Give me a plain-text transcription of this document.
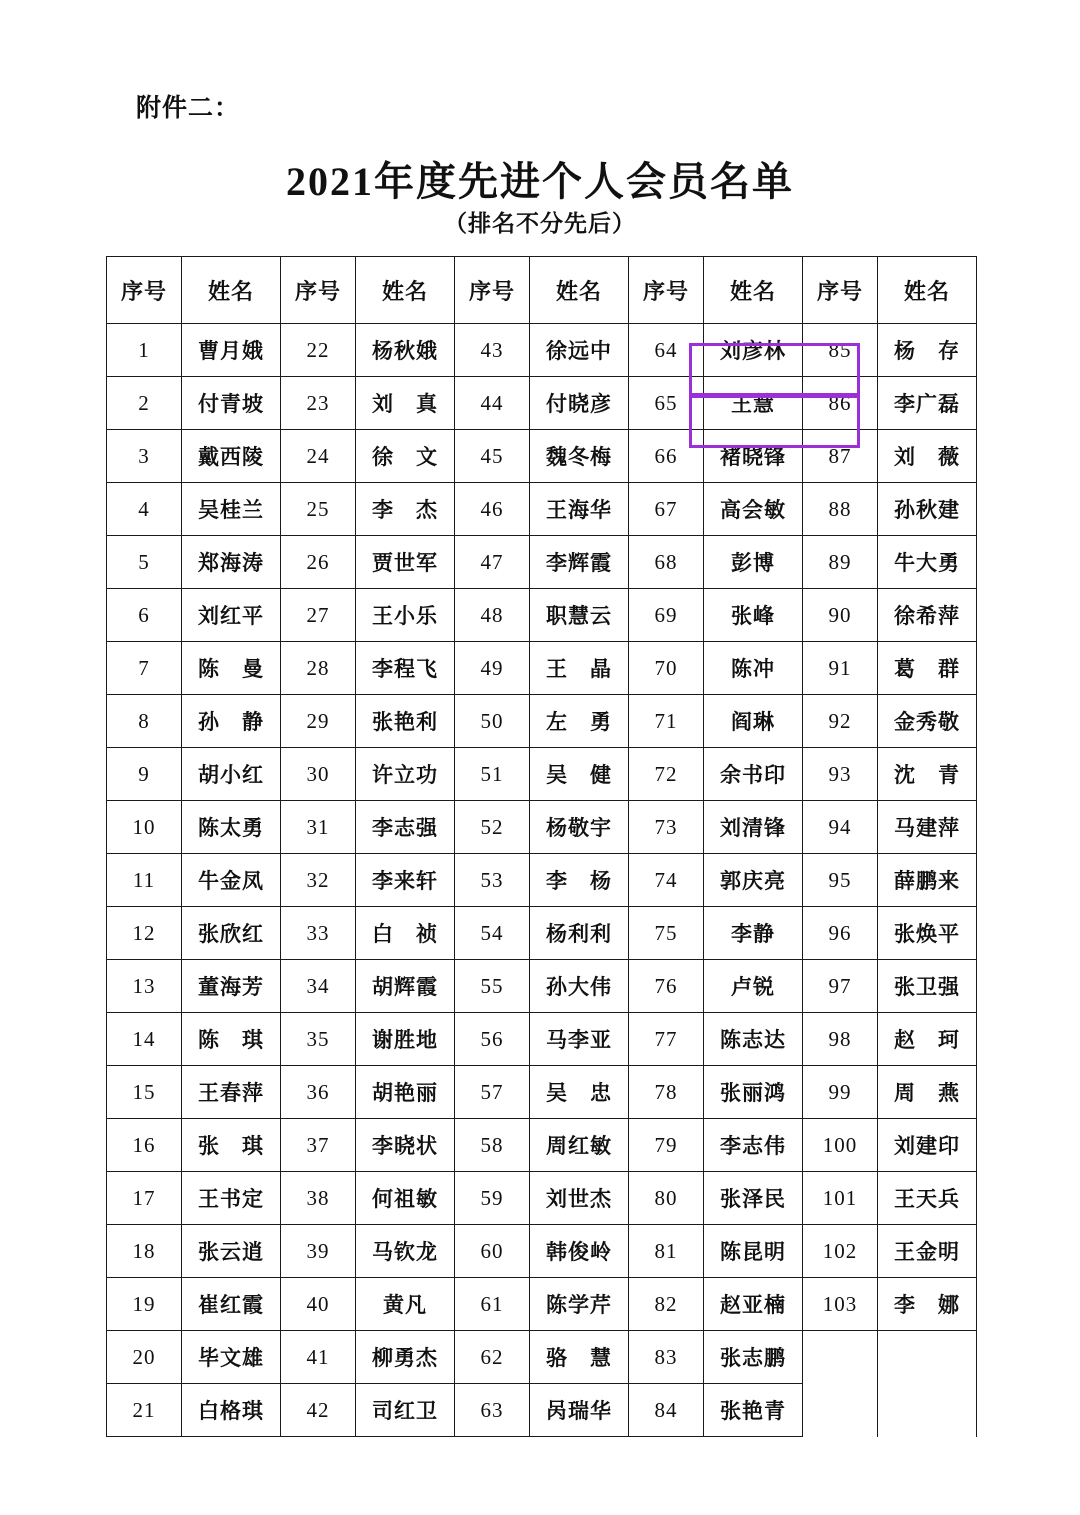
附件二：
2021年度先进个人会员名单
（排名不分先后）
序号	姓名	序号	姓名	序号	姓名	序号	姓名	序号	姓名
1	曹月娥	22	杨秋娥	43	徐远中	64	刘彦林	85	杨　存
2	付青坡	23	刘　真	44	付晓彦	65	王慧	86	李广磊
3	戴西陵	24	徐　文	45	魏冬梅	66	褚晓锋	87	刘　薇
4	吴桂兰	25	李　杰	46	王海华	67	高会敏	88	孙秋建
5	郑海涛	26	贾世军	47	李辉霞	68	彭博	89	牛大勇
6	刘红平	27	王小乐	48	职慧云	69	张峰	90	徐希萍
7	陈　曼	28	李程飞	49	王　晶	70	陈冲	91	葛　群
8	孙　静	29	张艳利	50	左　勇	71	阎琳	92	金秀敬
9	胡小红	30	许立功	51	吴　健	72	余书印	93	沈　青
10	陈太勇	31	李志强	52	杨敬宇	73	刘清锋	94	马建萍
11	牛金凤	32	李来轩	53	李　杨	74	郭庆亮	95	薛鹏来
12	张欣红	33	白　祯	54	杨利利	75	李静	96	张焕平
13	董海芳	34	胡辉霞	55	孙大伟	76	卢锐	97	张卫强
14	陈　琪	35	谢胜地	56	马李亚	77	陈志达	98	赵　珂
15	王春萍	36	胡艳丽	57	吴　忠	78	张丽鸿	99	周　燕
16	张　琪	37	李晓状	58	周红敏	79	李志伟	100	刘建印
17	王书定	38	何祖敏	59	刘世杰	80	张泽民	101	王天兵
18	张云逍	39	马钦龙	60	韩俊岭	81	陈昆明	102	王金明
19	崔红霞	40	黄凡	61	陈学芹	82	赵亚楠	103	李　娜
20	毕文雄	41	柳勇杰	62	骆　慧	83	张志鹏		
21	白格琪	42	司红卫	63	呙瑞华	84	张艳青		
